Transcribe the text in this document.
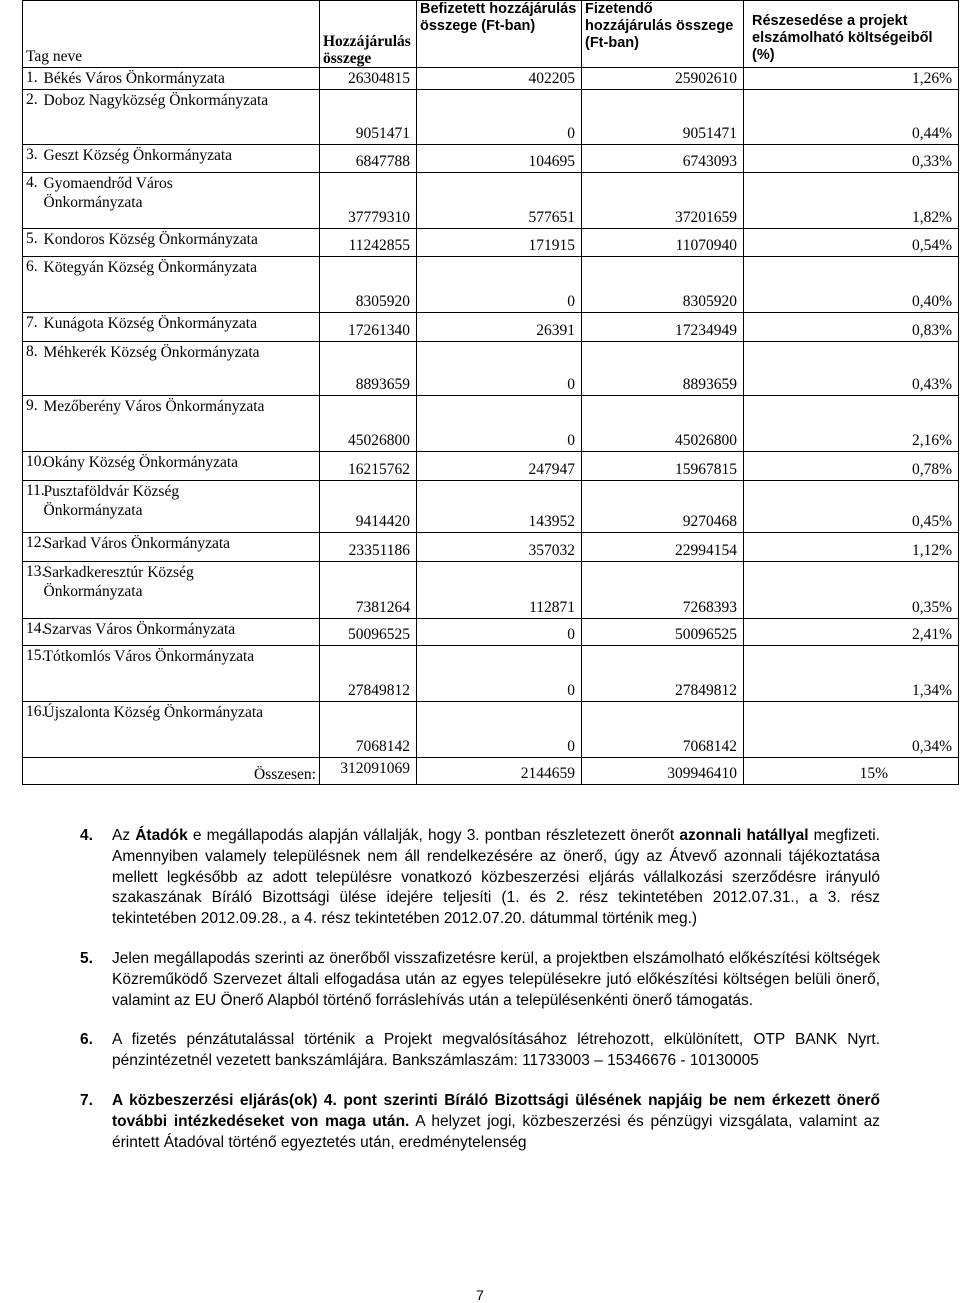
Tag neve		Hozzájárulás összege	Befizetett hozzájárulás összege (Ft-ban)	Fizetendő hozzájárulás összege (Ft-ban)	Részesedése a projekt elszámolható költségeiből (%)
1.	Békés Város Önkormányzata	26304815	402205	25902610	1,26%
2.	Doboz Nagyközség Önkormányzata	9051471	0	9051471	0,44%
3.	Geszt Község Önkormányzata	6847788	104695	6743093	0,33%
4.	Gyomaendrőd Város
Önkormányzata	37779310	577651	37201659	1,82%
5.	Kondoros Község Önkormányzata	11242855	171915	11070940	0,54%
6.	Kötegyán Község Önkormányzata	8305920	0	8305920	0,40%
7.	Kunágota Község Önkormányzata	17261340	26391	17234949	0,83%
8.	Méhkerék Község Önkormányzata	8893659	0	8893659	0,43%
9.	Mezőberény Város Önkormányzata	45026800	0	45026800	2,16%
10.	Okány Község Önkormányzata	16215762	247947	15967815	0,78%
11.	Pusztaföldvár Község
Önkormányzata	9414420	143952	9270468	0,45%
12.	Sarkad Város Önkormányzata	23351186	357032	22994154	1,12%
13.	Sarkadkeresztúr Község
Önkormányzata	7381264	112871	7268393	0,35%
14.	Szarvas Város Önkormányzata	50096525	0	50096525	2,41%
15.	Tótkomlós Város Önkormányzata	27849812	0	27849812	1,34%
16.	Újszalonta Község Önkormányzata	7068142	0	7068142	0,34%
Összesen:		312091069	2144659	309946410	15%
4. Az Átadók e megállapodás alapján vállalják, hogy 3. pontban részletezett önerőt azonnali hatállyal megfizeti. Amennyiben valamely településnek nem áll rendelkezésére az önerő, úgy az Átvevő azonnali tájékoztatása mellett legkésőbb az adott településre vonatkozó közbeszerzési eljárás vállalkozási szerződésre irányuló szakaszának Bíráló Bizottsági ülése idejére teljesíti (1. és 2. rész tekintetében 2012.07.31., a 3. rész tekintetében 2012.09.28., a 4. rész tekintetében 2012.07.20. dátummal történik meg.)
5. Jelen megállapodás szerinti az önerőből visszafizetésre kerül, a projektben elszámolható előkészítési költségek Közreműködő Szervezet általi elfogadása után az egyes településekre jutó előkészítési költségen belüli önerő, valamint az EU Önerő Alapból történő forráslehívás után a településenkénti önerő támogatás.
6. A fizetés pénzátutalással történik a Projekt megvalósításához létrehozott, elkülönített, OTP BANK Nyrt. pénzintézetnél vezetett bankszámlájára. Bankszámlaszám: 11733003 – 15346676 - 10130005
7. A közbeszerzési eljárás(ok) 4. pont szerinti Bíráló Bizottsági ülésének napjáig be nem érkezett önerő további intézkedéseket von maga után. A helyzet jogi, közbeszerzési és pénzügyi vizsgálata, valamint az érintett Átadóval történő egyeztetés után, eredménytelenség
7
